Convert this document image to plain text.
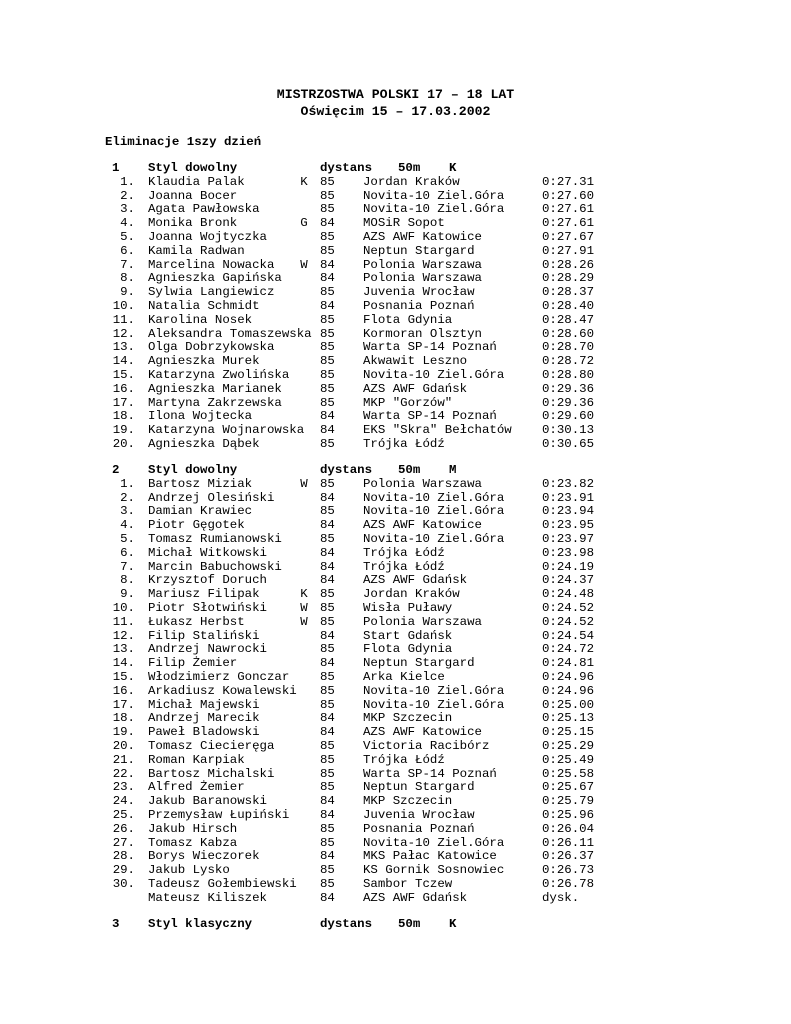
MISTRZOSTWA POLSKI 17 – 18 LAT
Oświęcim 15 – 17.03.2002
Eliminacje 1szy dzień
1 Styl dowolny	dystans 50m K
1. Klaudia Palak	K 85 Jordan Kraków	0:27.31
2. Joanna Bocer	85 Novita-10 Ziel.Góra	0:27.60
3. Agata Pawłowska	85 Novita-10 Ziel.Góra	0:27.61
4. Monika Bronk	G 84 MOSiR Sopot	0:27.61
5. Joanna Wojtyczka	85 AZS AWF Katowice	0:27.67
6. Kamila Radwan	85 Neptun Stargard	0:27.91
7. Marcelina Nowacka W 84 Polonia Warszawa	0:28.26
8. Agnieszka Gapińska	84 Polonia Warszawa	0:28.29
9. Sylwia Langiewicz	85 Juvenia Wrocław	0:28.37
10. Natalia Schmidt	84 Posnania Poznań	0:28.40
11. Karolina Nosek	85 Flota Gdynia	0:28.47
12. Aleksandra Tomaszewska 85 Kormoran Olsztyn	0:28.60
13. Olga Dobrzykowska	85 Warta SP-14 Poznań	0:28.70
14. Agnieszka Murek	85 Akwawit Leszno	0:28.72
15. Katarzyna Zwolińska 85 Novita-10 Ziel.Góra	0:28.80
16. Agnieszka Marianek	85 AZS AWF Gdańsk	0:29.36
17. Martyna Zakrzewska	85 MKP "Gorzów"	0:29.36
18. Ilona Wojtecka	84 Warta SP-14 Poznań	0:29.60
19. Katarzyna Wojnarowska 84 EKS "Skra" Bełchatów 0:30.13
20. Agnieszka Dąbek	85 Trójka Łódź	0:30.65
2 Styl dowolny	dystans 50m M
1. Bartosz Miziak	W 85 Polonia Warszawa	0:23.82
2. Andrzej Olesiński	84 Novita-10 Ziel.Góra	0:23.91
3. Damian Krawiec	85 Novita-10 Ziel.Góra	0:23.94
4. Piotr Gęgotek	84 AZS AWF Katowice	0:23.95
5. Tomasz Rumianowski	85 Novita-10 Ziel.Góra	0:23.97
6. Michał Witkowski	84 Trójka Łódź	0:23.98
7. Marcin Babuchowski	84 Trójka Łódź	0:24.19
8. Krzysztof Doruch	84 AZS AWF Gdańsk	0:24.37
9. Mariusz Filipak	K 85 Jordan Kraków	0:24.48
10. Piotr Słotwiński	W 85 Wisła Puławy	0:24.52
11. Łukasz Herbst	W 85 Polonia Warszawa	0:24.52
12. Filip Staliński	84 Start Gdańsk	0:24.54
13. Andrzej Nawrocki	85 Flota Gdynia	0:24.72
14. Filip Żemier	84 Neptun Stargard	0:24.81
15. Włodzimierz Gonczar 85 Arka Kielce	0:24.96
16. Arkadiusz Kowalewski 85 Novita-10 Ziel.Góra	0:24.96
17. Michał Majewski	85 Novita-10 Ziel.Góra	0:25.00
18. Andrzej Marecik	84 MKP Szczecin	0:25.13
19. Paweł Bladowski	84 AZS AWF Katowice	0:25.15
20. Tomasz Ciecieręga	85 Victoria Racibórz	0:25.29
21. Roman Karpiak	85 Trójka Łódź	0:25.49
22. Bartosz Michalski	85 Warta SP-14 Poznań	0:25.58
23. Alfred Żemier	85 Neptun Stargard	0:25.67
24. Jakub Baranowski	84 MKP Szczecin	0:25.79
25. Przemysław Łupiński 84 Juvenia Wrocław	0:25.96
26. Jakub Hirsch	85 Posnania Poznań	0:26.04
27. Tomasz Kabza	85 Novita-10 Ziel.Góra	0:26.11
28. Borys Wieczorek	84 MKS Pałac Katowice	0:26.37
29. Jakub Lysko	85 KS Gornik Sosnowiec	0:26.73
30. Tadeusz Gołembiewski 85 Sambor Tczew	0:26.78
Mateusz Kiliszek	84 AZS AWF Gdańsk	dysk.
3 Styl klasyczny	dystans 50m K
